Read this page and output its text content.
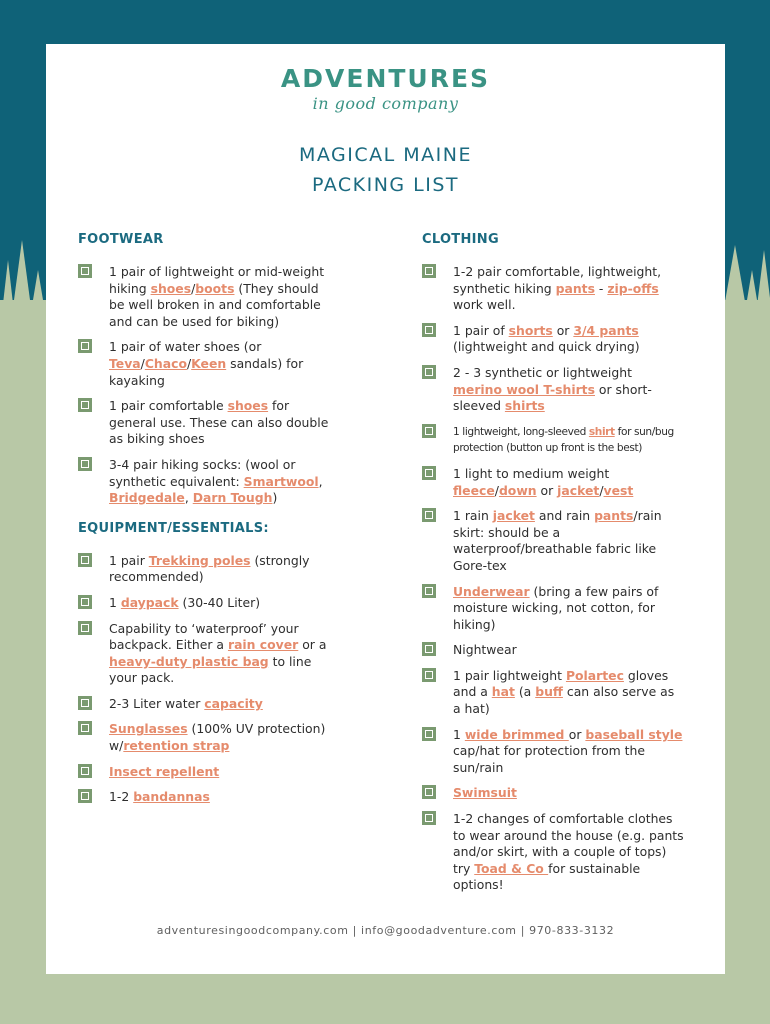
ADVENTURES
in good company
MAGICAL MAINE
PACKING LIST
FOOTWEAR
1 pair of lightweight or mid-weight hiking shoes/boots (They should be well broken in and comfortable and can be used for biking)
1 pair of water shoes (or Teva/Chaco/Keen sandals) for kayaking
1 pair comfortable shoes for general use. These can also double as biking shoes
3-4 pair hiking socks: (wool or synthetic equivalent: Smartwool, Bridgedale, Darn Tough)
EQUIPMENT/ESSENTIALS:
1 pair Trekking poles (strongly recommended)
1 daypack (30-40 Liter)
Capability to ‘waterproof’ your backpack. Either a rain cover or a heavy-duty plastic bag to line your pack.
2-3 Liter water capacity
Sunglasses (100% UV protection) w/retention strap
Insect repellent
1-2 bandannas
CLOTHING
1-2 pair comfortable, lightweight, synthetic hiking pants - zip-offs work well.
1 pair of shorts or 3/4 pants (lightweight and quick drying)
2 - 3 synthetic or lightweight merino wool T-shirts or short-sleeved shirts
1 lightweight, long-sleeved shirt for sun/bug protection (button up front is the best)
1 light to medium weight fleece/down or jacket/vest
1 rain jacket and rain pants/rain skirt: should be a waterproof/breathable fabric like Gore-tex
Underwear (bring a few pairs of moisture wicking, not cotton, for hiking)
Nightwear
1 pair lightweight Polartec gloves and a hat (a buff can also serve as a hat)
1 wide brimmed or baseball style cap/hat for protection from the sun/rain
Swimsuit
1-2 changes of comfortable clothes to wear around the house (e.g. pants and/or skirt, with a couple of tops) try Toad & Co for sustainable options!
adventuresingoodcompany.com | info@goodadventure.com | 970-833-3132
